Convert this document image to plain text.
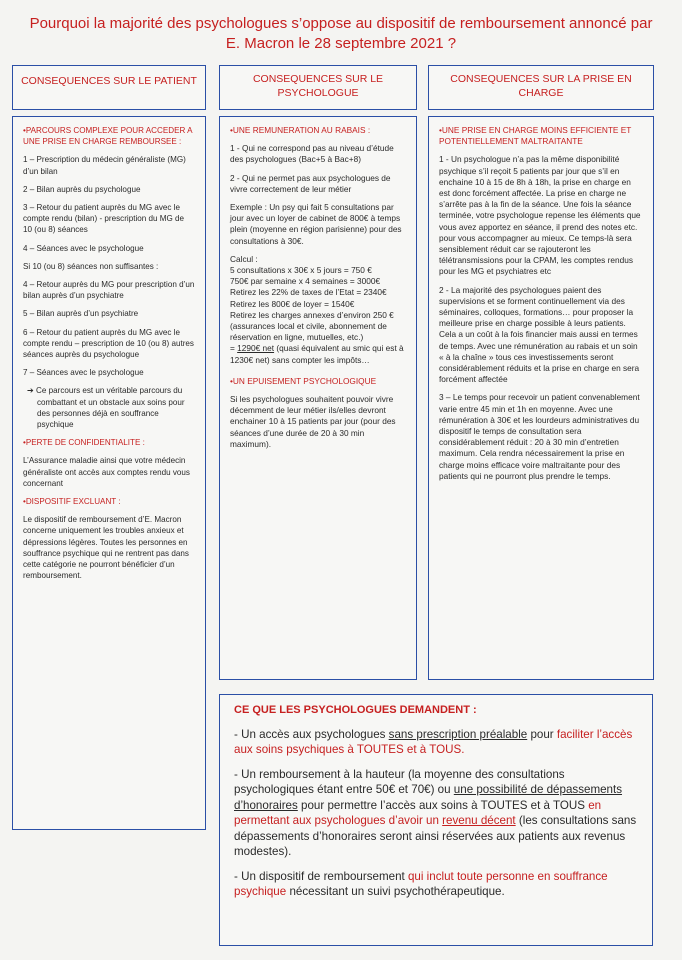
Pourquoi la majorité des psychologues s’oppose au dispositif de remboursement annoncé par
E. Macron le 28 septembre 2021 ?
CONSEQUENCES SUR LE PATIENT	CONSEQUENCES SUR LE
PSYCHOLOGUE
CONSEQUENCES SUR LA PRISE EN
CHARGE

•PARCOURS COMPLEXE POUR ACCEDER A UNE PRISE EN CHARGE REMBOURSEE :

1 – Prescription du médecin généraliste (MG) d’un bilan

2 – Bilan auprès du psychologue

3 – Retour du patient auprès du MG avec le compte rendu (bilan) - prescription du MG de 10 (ou 8) séances

4 – Séances avec le psychologue

Si 10 (ou 8) séances non suffisantes :

4 – Retour auprès du MG pour prescription d’un bilan auprès d’un psychiatre

5 – Bilan auprès d’un psychiatre

6 – Retour du patient auprès du MG avec le compte rendu – prescription de 10 (ou 8) autres séances auprès du psychologue

7 – Séances avec le psychologue

➔ Ce parcours est un véritable parcours du combattant et un obstacle aux soins pour des personnes déjà en souffrance psychique

•PERTE DE CONFIDENTIALITE :

L’Assurance maladie ainsi que votre médecin généraliste ont accès aux comptes rendu vous concernant

•DISPOSITIF EXCLUANT :

Le dispositif de remboursement d’E. Macron concerne uniquement les troubles anxieux et dépressions légères. Toutes les personnes en souffrance psychique qui ne rentrent pas dans cette catégorie ne pourront bénéficier d’un remboursement.

•UNE REMUNERATION AU RABAIS :

1 - Qui ne correspond pas au niveau d’étude des psychologues (Bac+5 à Bac+8)

2 - Qui ne permet pas aux psychologues de vivre correctement de leur métier

Exemple : Un psy qui fait 5 consultations par jour avec un loyer de cabinet de 800€ à temps plein (moyenne en région parisienne) pour des consultations à 30€.

Calcul :
5 consultations x 30€ x 5 jours = 750 €
750€ par semaine x 4 semaines = 3000€
Retirez les 22% de taxes de l’Etat = 2340€
Retirez les 800€ de loyer = 1540€
Retirez les charges annexes d’environ 250 € (assurances local et civile, abonnement de réservation en ligne, mutuelles, etc.)
= 1290€ net (quasi équivalent au smic qui est à 1230€ net) sans compter les impôts…

•UN EPUISEMENT PSYCHOLOGIQUE

Si les psychologues souhaitent pouvoir vivre décemment de leur métier ils/elles devront enchainer 10 à 15 patients par jour (pour des séances d’une durée de 20 à 30 min maximum).

•UNE PRISE EN CHARGE MOINS EFFICIENTE ET POTENTIELLEMENT MALTRAITANTE

1 - Un psychologue n’a pas la même disponibilité psychique s’il reçoit 5 patients par jour que s’il en enchaine 10 à 15 de 8h à 18h, la prise en charge en est donc forcément affectée. La prise en charge ne s’arrête pas à la fin de la séance. Une fois la séance terminée, votre psychologue repense les éléments que vous avez apportez en séance, il prend des notes etc. pour vous accompagner au mieux. Ce temps-là sera sensiblement réduit car se rajouteront les télétransmissions pour la CPAM, les comptes rendus pour les MG et psychiatres etc

2 - La majorité des psychologues paient des supervisions et se forment continuellement via des séminaires, colloques, formations… pour proposer la meilleure prise en charge possible à leurs patients. Cela a un coût à la fois financier mais aussi en termes de temps. Avec une rémunération au rabais et un soin « à la chaîne » tous ces investissements seront considérablement réduits et la prise en charge en sera forcément affectée

3 – Le temps pour recevoir un patient convenablement varie entre 45 min et 1h en moyenne. Avec une rémunération à 30€ et les lourdeurs administratives du dispositif le temps de consultation sera considérablement réduit : 20 à 30 min d’entretien maximum. Cela rendra nécessairement la prise en charge moins efficace voire maltraitante pour des patients qui ne pourront plus prendre le temps.

CE QUE LES PSYCHOLOGUES DEMANDENT :

- Un accès aux psychologues sans prescription préalable pour faciliter l’accès aux soins psychiques à TOUTES et à TOUS.

- Un remboursement à la hauteur (la moyenne des consultations psychologiques étant entre 50€ et 70€) ou une possibilité de dépassements d’honoraires pour permettre l’accès aux soins à TOUTES et à TOUS en permettant aux psychologues d’avoir un revenu décent (les consultations sans dépassements d’honoraires seront ainsi réservées aux patients aux revenus modestes).

- Un dispositif de remboursement qui inclut toute personne en souffrance psychique nécessitant un suivi psychothérapeutique.
